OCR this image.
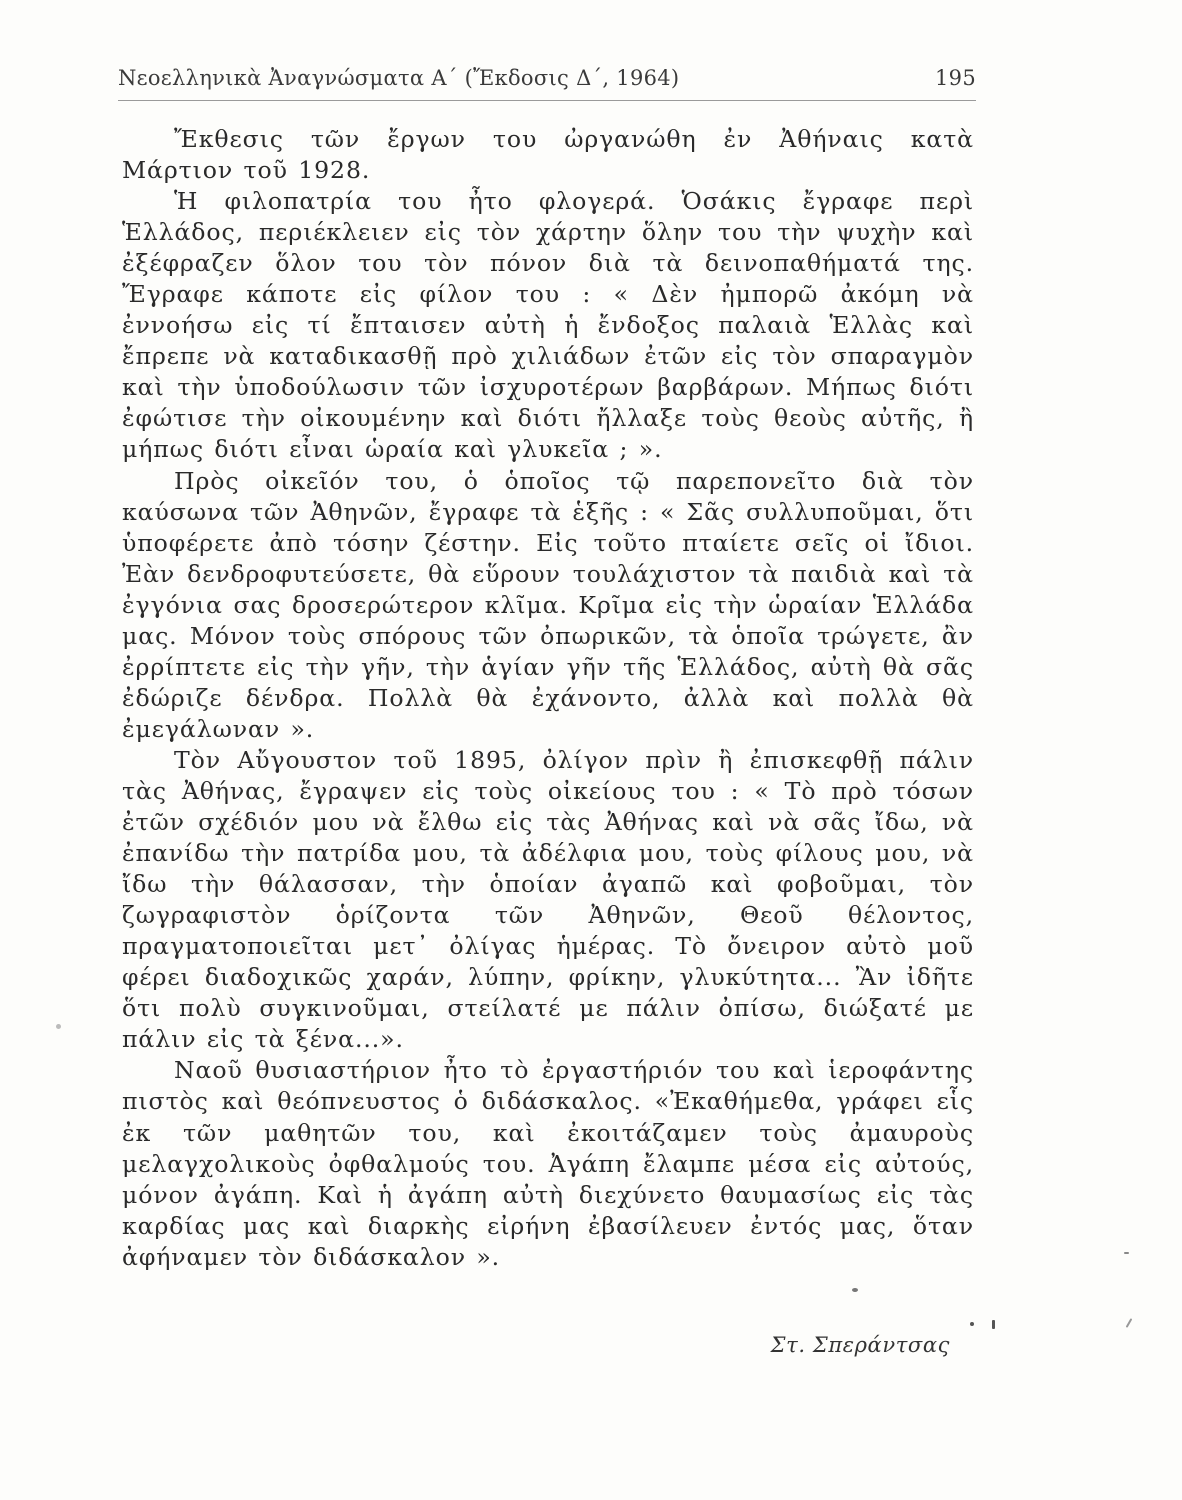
Νεοελληνικὰ Ἀναγνώσματα Α΄ (Ἔκδοσις Δ΄, 1964)	195

Ἔκθεσις τῶν ἔργων του ὠργανώθη ἐν Ἀθήναις κατὰ Μάρτιον τοῦ 1928.

Ἡ φιλοπατρία του ἦτο φλογερά. Ὁσάκις ἔγραφε περὶ Ἑλλάδος, περιέκλειεν εἰς τὸν χάρτην ὅλην του τὴν ψυχὴν καὶ ἐξέφραζεν ὅλον του τὸν πόνον διὰ τὰ δεινοπαθήματά της. Ἔγραφε κάποτε εἰς φίλον του : « Δὲν ἠμπορῶ ἀκόμη νὰ ἐννοήσω εἰς τί ἔπταισεν αὐτὴ ἡ ἔνδοξος παλαιὰ Ἑλλὰς καὶ ἔπρεπε νὰ καταδικασθῇ πρὸ χιλιάδων ἐτῶν εἰς τὸν σπαραγμὸν καὶ τὴν ὑποδούλωσιν τῶν ἰσχυροτέρων βαρβάρων. Μήπως διότι ἐφώτισε τὴν οἰκουμένην καὶ διότι ἤλλαξε τοὺς θεοὺς αὐτῆς, ἢ μήπως διότι εἶναι ὡραία καὶ γλυκεῖα ; ».

Πρὸς οἰκεῖόν του, ὁ ὁποῖος τῷ παρεπονεῖτο διὰ τὸν καύσωνα τῶν Ἀθηνῶν, ἔγραφε τὰ ἑξῆς : « Σᾶς συλλυποῦμαι, ὅτι ὑποφέρετε ἀπὸ τόσην ζέστην. Εἰς τοῦτο πταίετε σεῖς οἱ ἴδιοι. Ἐὰν δενδροφυτεύσετε, θὰ εὕρουν τουλάχιστον τὰ παιδιὰ καὶ τὰ ἐγγόνια σας δροσερώτερον κλῖμα. Κρῖμα εἰς τὴν ὡραίαν Ἑλλάδα μας. Μόνον τοὺς σπόρους τῶν ὀπωρικῶν, τὰ ὁποῖα τρώγετε, ἂν ἐρρίπτετε εἰς τὴν γῆν, τὴν ἁγίαν γῆν τῆς Ἑλλάδος, αὐτὴ θὰ σᾶς ἐδώριζε δένδρα. Πολλὰ θὰ ἐχάνοντο, ἀλλὰ καὶ πολλὰ θὰ ἐμεγάλωναν ».

Τὸν Αὔγουστον τοῦ 1895, ὀλίγον πρὶν ἢ ἐπισκεφθῇ πάλιν τὰς Ἀθήνας, ἔγραψεν εἰς τοὺς οἰκείους του : « Τὸ πρὸ τόσων ἐτῶν σχέδιόν μου νὰ ἔλθω εἰς τὰς Ἀθήνας καὶ νὰ σᾶς ἴδω, νὰ ἐπανίδω τὴν πατρίδα μου, τὰ ἀδέλφια μου, τοὺς φίλους μου, νὰ ἴδω τὴν θάλασσαν, τὴν ὁποίαν ἀγαπῶ καὶ φοβοῦμαι, τὸν ζωγραφιστὸν ὁρίζοντα τῶν Ἀθηνῶν, Θεοῦ θέλοντος, πραγματοποιεῖται μετ᾿ ὀλίγας ἡμέρας. Τὸ ὄνειρον αὐτὸ μοῦ φέρει διαδοχικῶς χαράν, λύπην, φρίκην, γλυκύτητα... Ἂν ἰδῆτε ὅτι πολὺ συγκινοῦμαι, στείλατέ με πάλιν ὀπίσω, διώξατέ με πάλιν εἰς τὰ ξένα...».

Ναοῦ θυσιαστήριον ἦτο τὸ ἐργαστήριόν του καὶ ἱεροφάντης πιστὸς καὶ θεόπνευστος ὁ διδάσκαλος. «Ἐκαθήμεθα, γράφει εἷς ἐκ τῶν μαθητῶν του, καὶ ἐκοιτάζαμεν τοὺς ἀμαυροὺς μελαγχολικοὺς ὀφθαλμούς του. Ἀγάπη ἔλαμπε μέσα εἰς αὐτούς, μόνον ἀγάπη. Καὶ ἡ ἀγάπη αὐτὴ διεχύνετο θαυμασίως εἰς τὰς καρδίας μας καὶ διαρκὴς εἰρήνη ἐβασίλευεν ἐντός μας, ὅταν ἀφήναμεν τὸν διδάσκαλον ».

Στ. Σπεράντσας
